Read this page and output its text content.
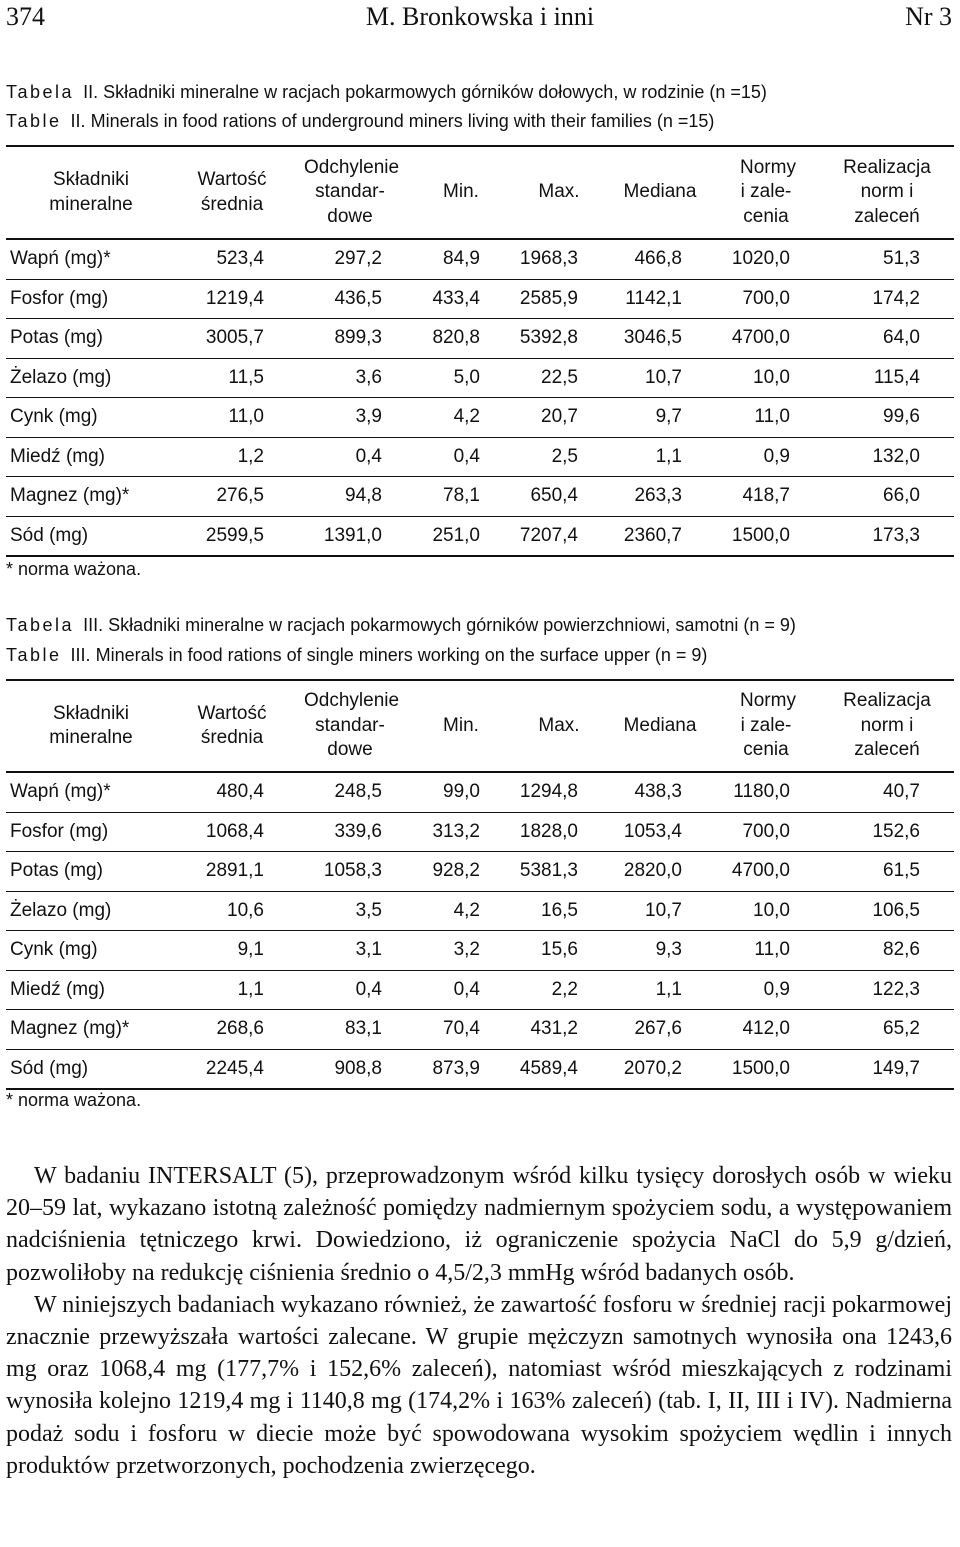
374	M. Bronkowska i inni	Nr 3
Tabela II. Składniki mineralne w racjach pokarmowych górników dołowych, w rodzinie (n =15)
Table II. Minerals in food rations of underground miners living with their families (n =15)
Składniki mineralne	Wartość średnia	Odchylenie standar- dowe	Min.	Max.	Mediana	Normy i zale- cenia	Realizacja norm i zaleceń
Wapń (mg)*	523,4	297,2	84,9	1968,3	466,8	1020,0	51,3
Fosfor (mg)	1219,4	436,5	433,4	2585,9	1142,1	700,0	174,2
Potas (mg)	3005,7	899,3	820,8	5392,8	3046,5	4700,0	64,0
Żelazo (mg)	11,5	3,6	5,0	22,5	10,7	10,0	115,4
Cynk (mg)	11,0	3,9	4,2	20,7	9,7	11,0	99,6
Miedź (mg)	1,2	0,4	0,4	2,5	1,1	0,9	132,0
Magnez (mg)*	276,5	94,8	78,1	650,4	263,3	418,7	66,0
Sód (mg)	2599,5	1391,0	251,0	7207,4	2360,7	1500,0	173,3
* norma ważona.
Tabela III. Składniki mineralne w racjach pokarmowych górników powierzchniowi, samotni (n = 9)
Table III. Minerals in food rations of single miners working on the surface upper (n = 9)
Składniki mineralne	Wartość średnia	Odchylenie standar- dowe	Min.	Max.	Mediana	Normy i zale- cenia	Realizacja norm i zaleceń
Wapń (mg)*	480,4	248,5	99,0	1294,8	438,3	1180,0	40,7
Fosfor (mg)	1068,4	339,6	313,2	1828,0	1053,4	700,0	152,6
Potas (mg)	2891,1	1058,3	928,2	5381,3	2820,0	4700,0	61,5
Żelazo (mg)	10,6	3,5	4,2	16,5	10,7	10,0	106,5
Cynk (mg)	9,1	3,1	3,2	15,6	9,3	11,0	82,6
Miedź (mg)	1,1	0,4	0,4	2,2	1,1	0,9	122,3
Magnez (mg)*	268,6	83,1	70,4	431,2	267,6	412,0	65,2
Sód (mg)	2245,4	908,8	873,9	4589,4	2070,2	1500,0	149,7
* norma ważona.

W badaniu INTERSALT (5), przeprowadzonym wśród kilku tysięcy dorosłych osób w wieku 20–59 lat, wykazano istotną zależność pomiędzy nadmiernym spożyciem sodu, a występowaniem nadciśnienia tętniczego krwi. Dowiedziono, iż ograniczenie spożycia NaCl do 5,9 g/dzień, pozwoliłoby na redukcję ciśnienia średnio o 4,5/2,3 mmHg wśród badanych osób.

W niniejszych badaniach wykazano również, że zawartość fosforu w średniej racji pokarmowej znacznie przewyższała wartości zalecane. W grupie mężczyzn samotnych wynosiła ona 1243,6 mg oraz 1068,4 mg (177,7% i 152,6% zaleceń), natomiast wśród mieszkających z rodzinami wynosiła kolejno 1219,4 mg i 1140,8 mg (174,2% i 163% zaleceń) (tab. I, II, III i IV). Nadmierna podaż sodu i fosforu w diecie może być spowodowana wysokim spożyciem wędlin i innych produktów przetworzonych, pochodzenia zwierzęcego.
